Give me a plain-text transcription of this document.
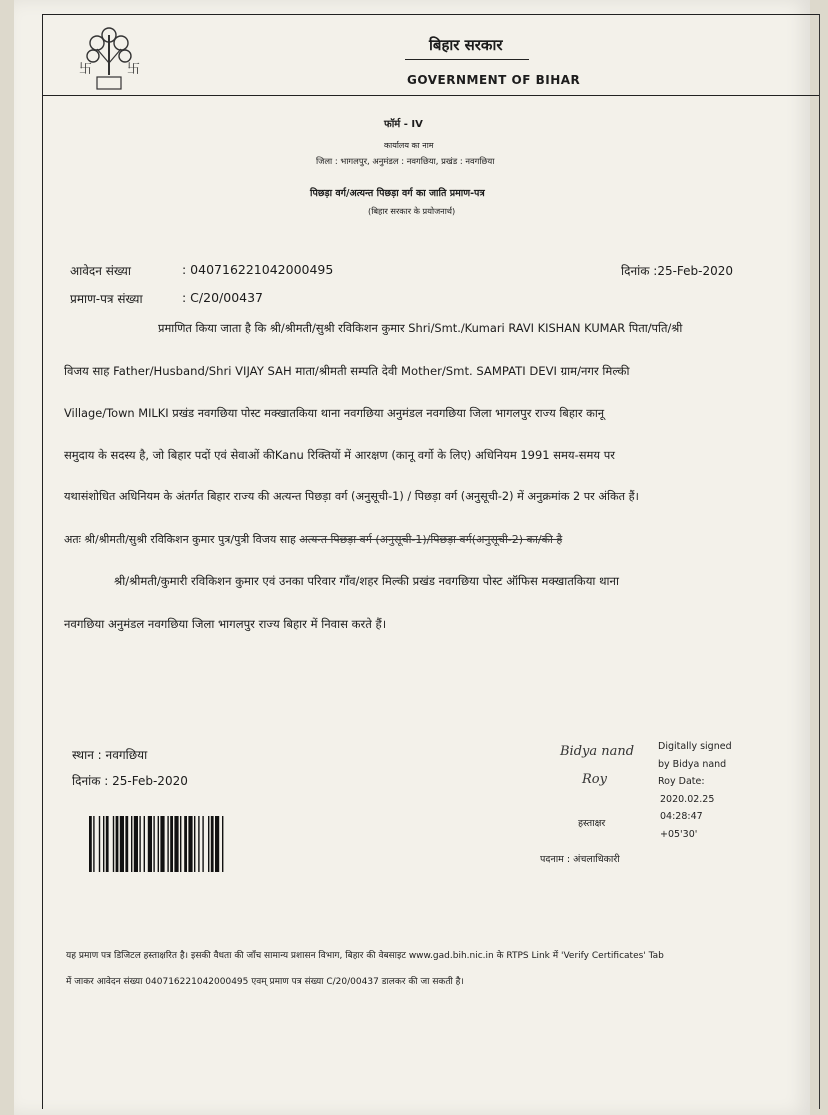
卐	卐
बिहार सरकार
GOVERNMENT OF BIHAR
फॉर्म - IV
कार्यालय का नाम
जिला : भागलपुर, अनुमंडल : नवगछिया, प्रखंड : नवगछिया
पिछड़ा वर्ग/अत्यन्त पिछड़ा वर्ग का जाति प्रमाण-पत्र
(बिहार सरकार के प्रयोजनार्थ)
आवेदन संख्या	: 040716221042000495	दिनांक :25-Feb-2020
प्रमाण-पत्र संख्या	: C/20/00437
प्रमाणित किया जाता है कि श्री/श्रीमती/सुश्री रविकिशन कुमार Shri/Smt./Kumari RAVI KISHAN KUMAR पिता/पति/श्री
विजय साह Father/Husband/Shri VIJAY SAH माता/श्रीमती सम्पति देवी Mother/Smt. SAMPATI DEVI ग्राम/नगर मिल्की
Village/Town MILKI प्रखंड नवगछिया पोस्ट मक्खातकिया थाना नवगछिया अनुमंडल नवगछिया जिला भागलपुर राज्य बिहार कानू
समुदाय के सदस्य है, जो बिहार पदों एवं सेवाओं कीKanu रिक्तियों में आरक्षण (कानू वर्गो के लिए) अधिनियम 1991 समय-समय पर
यथासंशोधित अधिनियम के अंतर्गत बिहार राज्य की अत्यन्त पिछड़ा वर्ग (अनुसूची-1) / पिछड़ा वर्ग (अनुसूची-2) में अनुक्रमांक 2 पर अंकित हैं।
अतः श्री/श्रीमती/सुश्री रविकिशन कुमार पुत्र/पुत्री विजय साह अत्यन्त पिछड़ा वर्ग (अनुसूची-1)/पिछड़ा वर्ग(अनुसूची-2) का/की है
श्री/श्रीमती/कुमारी रविकिशन कुमार एवं उनका परिवार गाँव/शहर मिल्की प्रखंड नवगछिया पोस्ट ऑफिस मक्खातकिया थाना
नवगछिया अनुमंडल नवगछिया जिला भागलपुर राज्य बिहार में निवास करते हैं।
स्थान : नवगछिया
दिनांक : 25-Feb-2020
Bidya nand
Roy
Digitally signed
by Bidya nand
Roy Date:
2020.02.25
04:28:47
+05'30'
हस्ताक्षर
पदनाम : अंचलाधिकारी
यह प्रमाण पत्र डिजिटल हस्ताक्षरित है। इसकी वैधता की जाँच सामान्य प्रशासन विभाग, बिहार की वेबसाइट www.gad.bih.nic.in के RTPS Link में 'Verify Certificates' Tab
में जाकर आवेदन संख्या 040716221042000495 एवम् प्रमाण पत्र संख्या C/20/00437 डालकर की जा सकती है।
